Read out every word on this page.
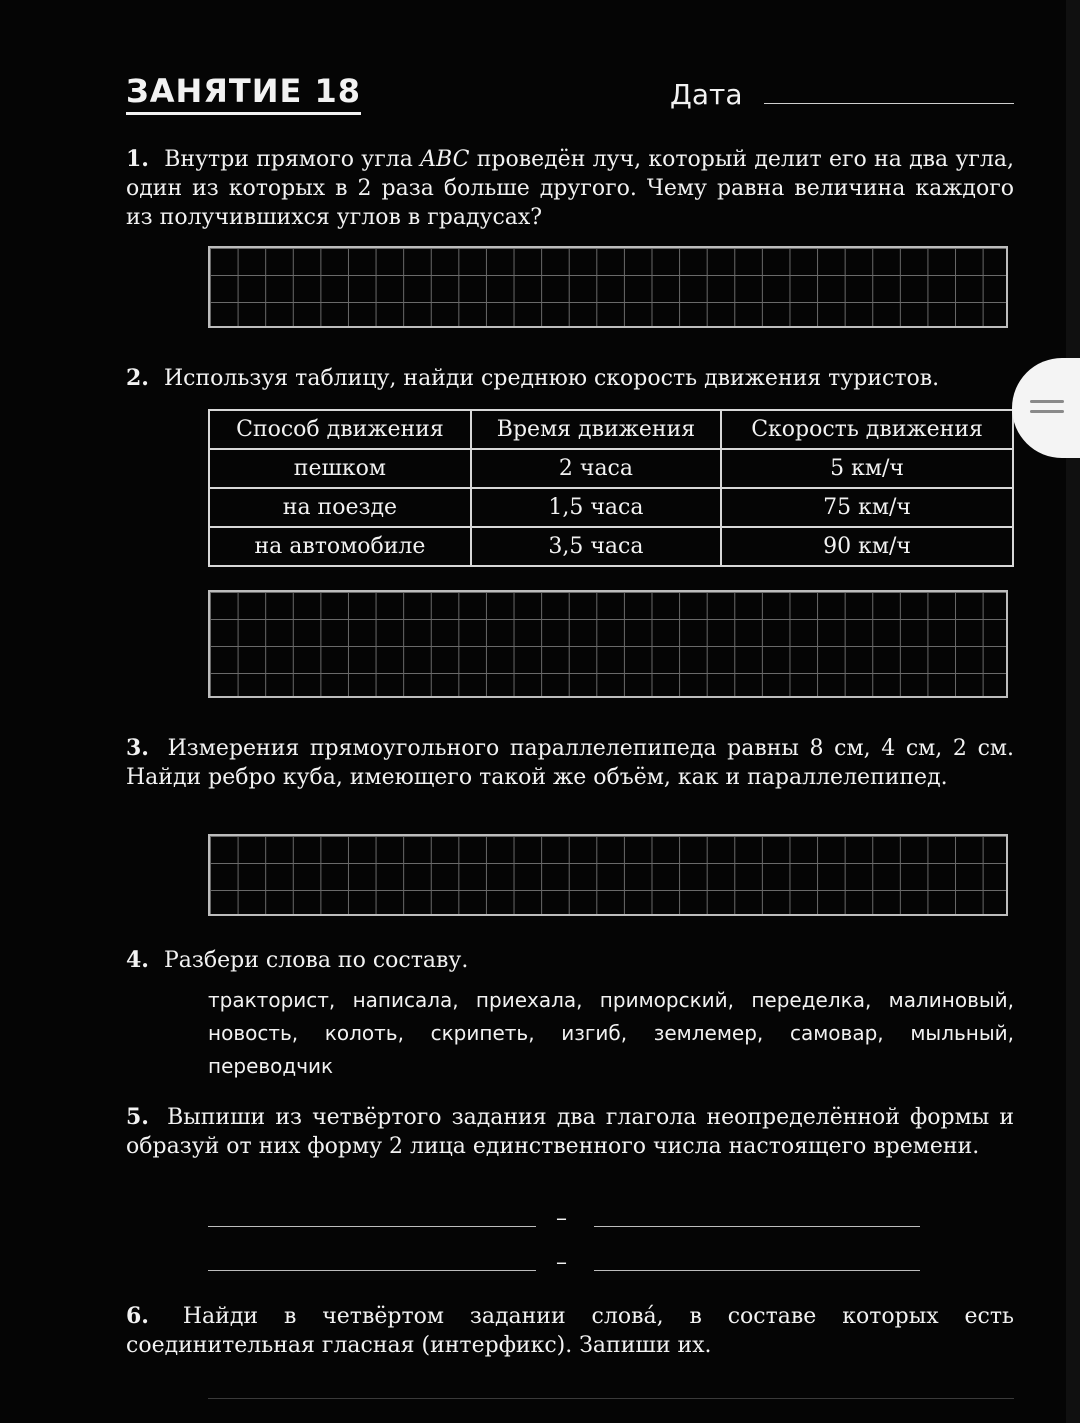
ЗАНЯТИЕ 18	Дата
1. Внутри прямого угла ABC проведён луч, который делит его на два угла, один из которых в 2 раза больше другого. Чему равна величина каждого из получившихся углов в градусах?
2. Используя таблицу, найди среднюю скорость движения туристов.
Способ движения	Время движения	Скорость движения
пешком	2 часа	5 км/ч
на поезде	1,5 часа	75 км/ч
на автомобиле	3,5 часа	90 км/ч
3. Измерения прямоугольного параллелепипеда равны 8 см, 4 см, 2 см. Найди ребро куба, имеющего такой же объём, как и параллелепипед.
4. Разбери слова по составу.
тракторист, написала, приехала, приморский, переделка, малиновый, новость, колоть, скрипеть, изгиб, землемер, самовар, мыльный, переводчик
5. Выпиши из четвёртого задания два глагола неопределённой формы и образуй от них форму 2 лица единственного числа настоящего времени.
–
–
6. Найди в четвёртом задании слова́, в составе которых есть соединительная гласная (интерфикс). Запиши их.
